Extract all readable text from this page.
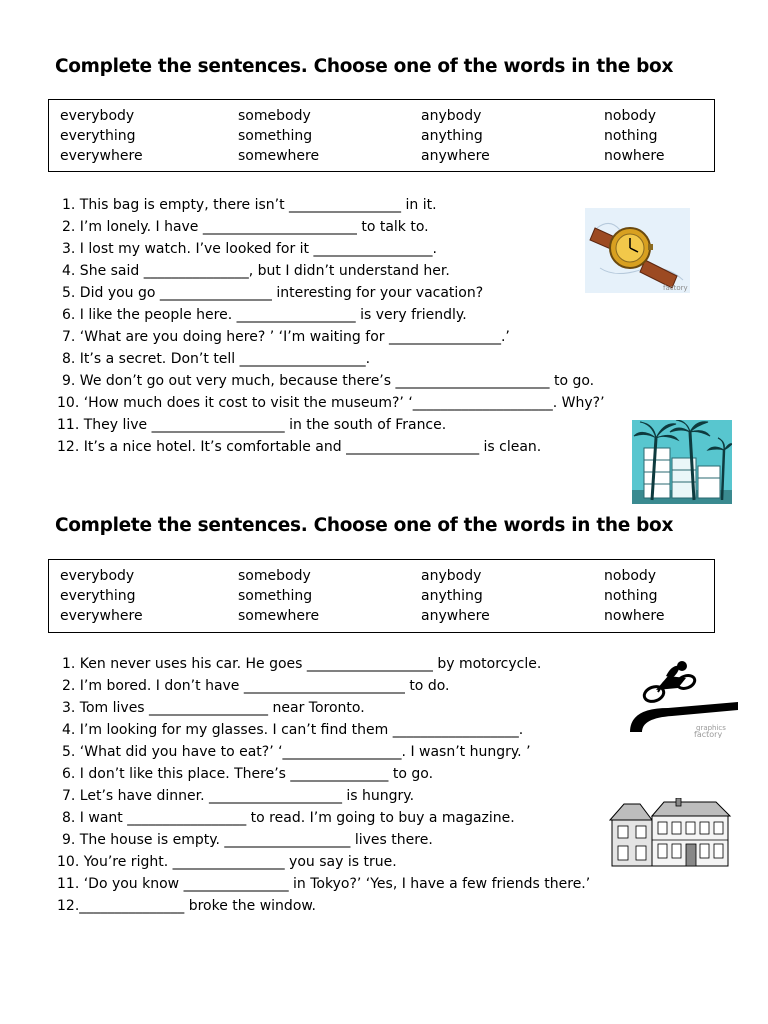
Complete the sentences. Choose one of the words in the box
everybody	somebody	anybody	nobody
everything	something	anything	nothing
everywhere	somewhere	anywhere	nowhere
1. This bag is empty, there isn’t ________________ in it.
2. I’m lonely. I have ______________________ to talk to.
3. I lost my watch. I’ve looked for it _________________.
4. She said _______________, but I didn’t understand her.
5. Did you go ________________ interesting for your vacation?
6. I like the people here. _________________ is very friendly.
7. ‘What are you doing here? ’ ‘I’m waiting for ________________.’
8. It’s a secret. Don’t tell __________________.
9. We don’t go out very much, because there’s ______________________ to go.
10. ‘How much does it cost to visit the museum?’ ‘____________________. Why?’
11. They live ___________________ in the south of France.
12. It’s a nice hotel. It’s comfortable and ___________________ is clean.
factory
Complete the sentences. Choose one of the words in the box
everybody	somebody	anybody	nobody
everything	something	anything	nothing
everywhere	somewhere	anywhere	nowhere
1. Ken never uses his car. He goes __________________ by motorcycle.
2. I’m bored. I don’t have _______________________ to do.
3. Tom lives _________________ near Toronto.
4. I’m looking for my glasses. I can’t find them __________________.
5. ‘What did you have to eat?’ ‘_________________. I wasn’t hungry. ’
6. I don’t like this place. There’s ______________ to go.
7. Let’s have dinner. ___________________ is hungry.
8. I want _________________ to read. I’m going to buy a magazine.
9. The house is empty. __________________ lives there.
10. You’re right. ________________ you say is true.
11. ‘Do you know _______________ in Tokyo?’ ‘Yes, I have a few friends there.’
12._______________ broke the window.
graphics
factory
